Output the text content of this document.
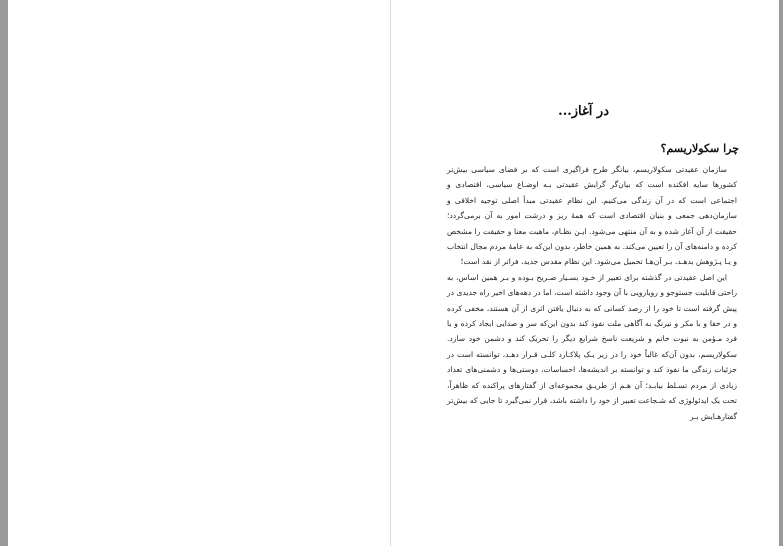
در آغاز...
چرا سکولاریسم؟

سازمان عقیدتی سکولاریسم، بیانگر طرح فراگیری است که بر فضای سیاسی بیش‌تر کشورها سایه افکنده است که بیان‌گر گرایش عقیدتی بـه اوضـاع سیاسی، اقتصادی و اجتماعی است که در آن زندگی می‌کنیم. این نظام عقیدتی مبدأ اصلی توجیه اخلاقی و سازمان‌دهی جمعی و بنیان اقتصادی است که همهٔ ریز و درشت امور به آن برمی‌گردد؛ حقیقت از آن آغاز شده و به آن منتهی می‌شود. ایـن نظـام، ماهیت معنا و حقیقت را مشخص کرده و دامنه‌های آن را تعیین می‌کند. به همین خاطر، بدون این‌که به عامهٔ مردم مجال انتخاب و یـا پـژوهش بدهـد، بـر آن‌هـا تحمیل می‌شود. این نظام مقدس جدید، فراتر از نقد است!

این اصل عقیدتی در گذشته برای تعبیر از خـود بسـیار صـریح بـوده و بـر همین اساس، به راحتی قابلیت جستوجو و رویارویی با آن وجود داشته است، اما در دهه‌های اخیر راه جدیدی در پیش گرفته است تا خود را از رصد کسانی که به دنبال یافتن اثری از آن هستند، مخفی کرده و در خفا و با مکر و نیرنگ به آگاهی ملت نفوذ کند بدون این‌که سر و صدایی ایجاد کرده و یا فرد مـؤمن به نبوت خاتم و شریعت ناسخ شرایع دیگر را تحریک کند و دشمن خود سازد. سکولاریسم، بدون آن‌که غالباً خود را در زیر یـک پلاکـارد کلـی قـرار دهـد، توانسته است در جزئیات زندگی ما نفوذ کند و توانسته بر اندیشه‌ها، احساسات، دوستی‌ها و دشمنی‌های تعداد زیادی از مردم تسـلط بیابـد؛ آن هـم از طریـق مجموعه‌ای از گفتارهای پراکنده که ظاهراً، تحت یک ایدئولوژی که شـجاعت تعبیر از خود را داشته باشد، قرار نمی‌گیرد تا جایی که بیش‌تر گفتارهـایش بـر
